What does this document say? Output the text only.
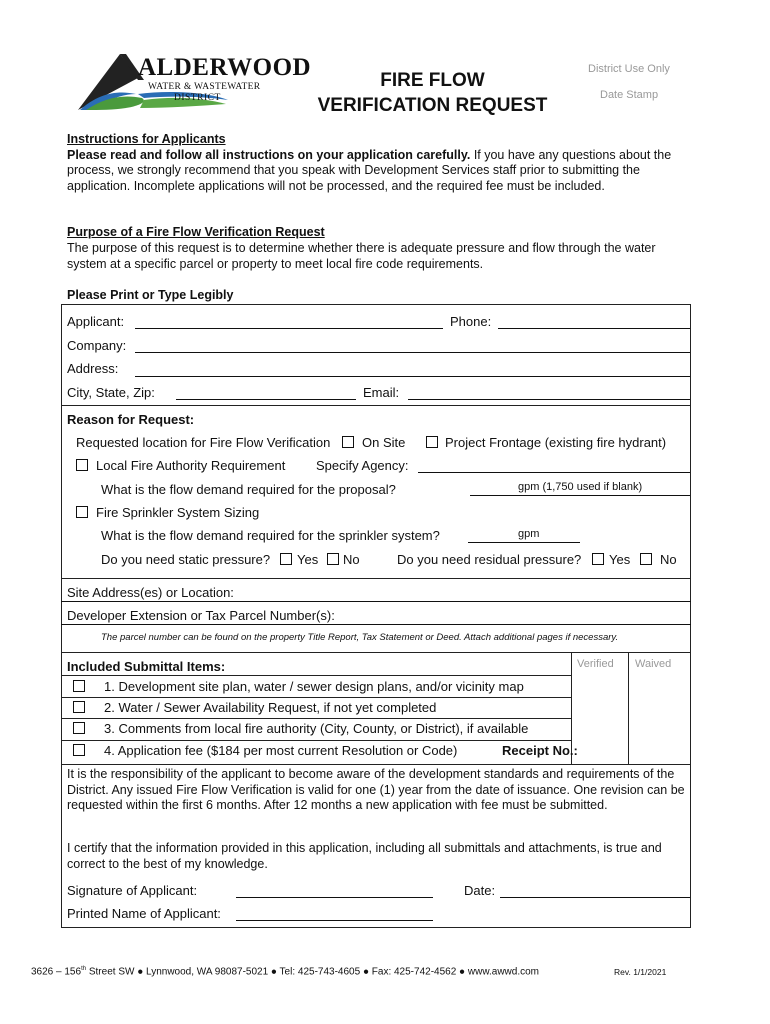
ALDERWOOD
WATER & WASTEWATER
DISTRICT
FIRE FLOW
VERIFICATION REQUEST
District Use Only
Date Stamp
Instructions for Applicants

Please read and follow all instructions on your application carefully. If you have any questions about the process, we strongly recommend that you speak with Development Services staff prior to submitting the application. Incomplete applications will not be processed, and the required fee must be included.

Purpose of a Fire Flow Verification Request

The purpose of this request is to determine whether there is adequate pressure and flow through the water system at a specific parcel or property to meet local fire code requirements.

Please Print or Type Legibly
Applicant:	Phone:
Company:
Address:
City, State, Zip:	Email:
Reason for Request:
Requested location for Fire Flow Verification On Site	Project Frontage (existing fire hydrant)
Local Fire Authority Requirement Specify Agency:
What is the flow demand required for the proposal?	gpm (1,750 used if blank)
Fire Sprinkler System Sizing
What is the flow demand required for the sprinkler system?	gpm
Do you need static pressure? Yes No	Do you need residual pressure? Yes No
Site Address(es) or Location:
Developer Extension or Tax Parcel Number(s):
The parcel number can be found on the property Title Report, Tax Statement or Deed. Attach additional pages if necessary.
Included Submittal Items:	Verified Waived
1. Development site plan, water / sewer design plans, and/or vicinity map
2. Water / Sewer Availability Request, if not yet completed
3. Comments from local fire authority (City, County, or District), if available
4. Application fee ($184 per most current Resolution or Code)	Receipt No.:
It is the responsibility of the applicant to become aware of the development standards and requirements of the District. Any issued Fire Flow Verification is valid for one (1) year from the date of issuance. One revision can be requested within the first 6 months. After 12 months a new application with fee must be submitted.
I certify that the information provided in this application, including all submittals and attachments, is true and correct to the best of my knowledge.
Signature of Applicant:	Date:
Printed Name of Applicant:
3626 – 156th Street SW ● Lynnwood, WA 98087-5021 ● Tel: 425-743-4605 ● Fax: 425-742-4562 ● www.awwd.com	Rev. 1/1/2021
